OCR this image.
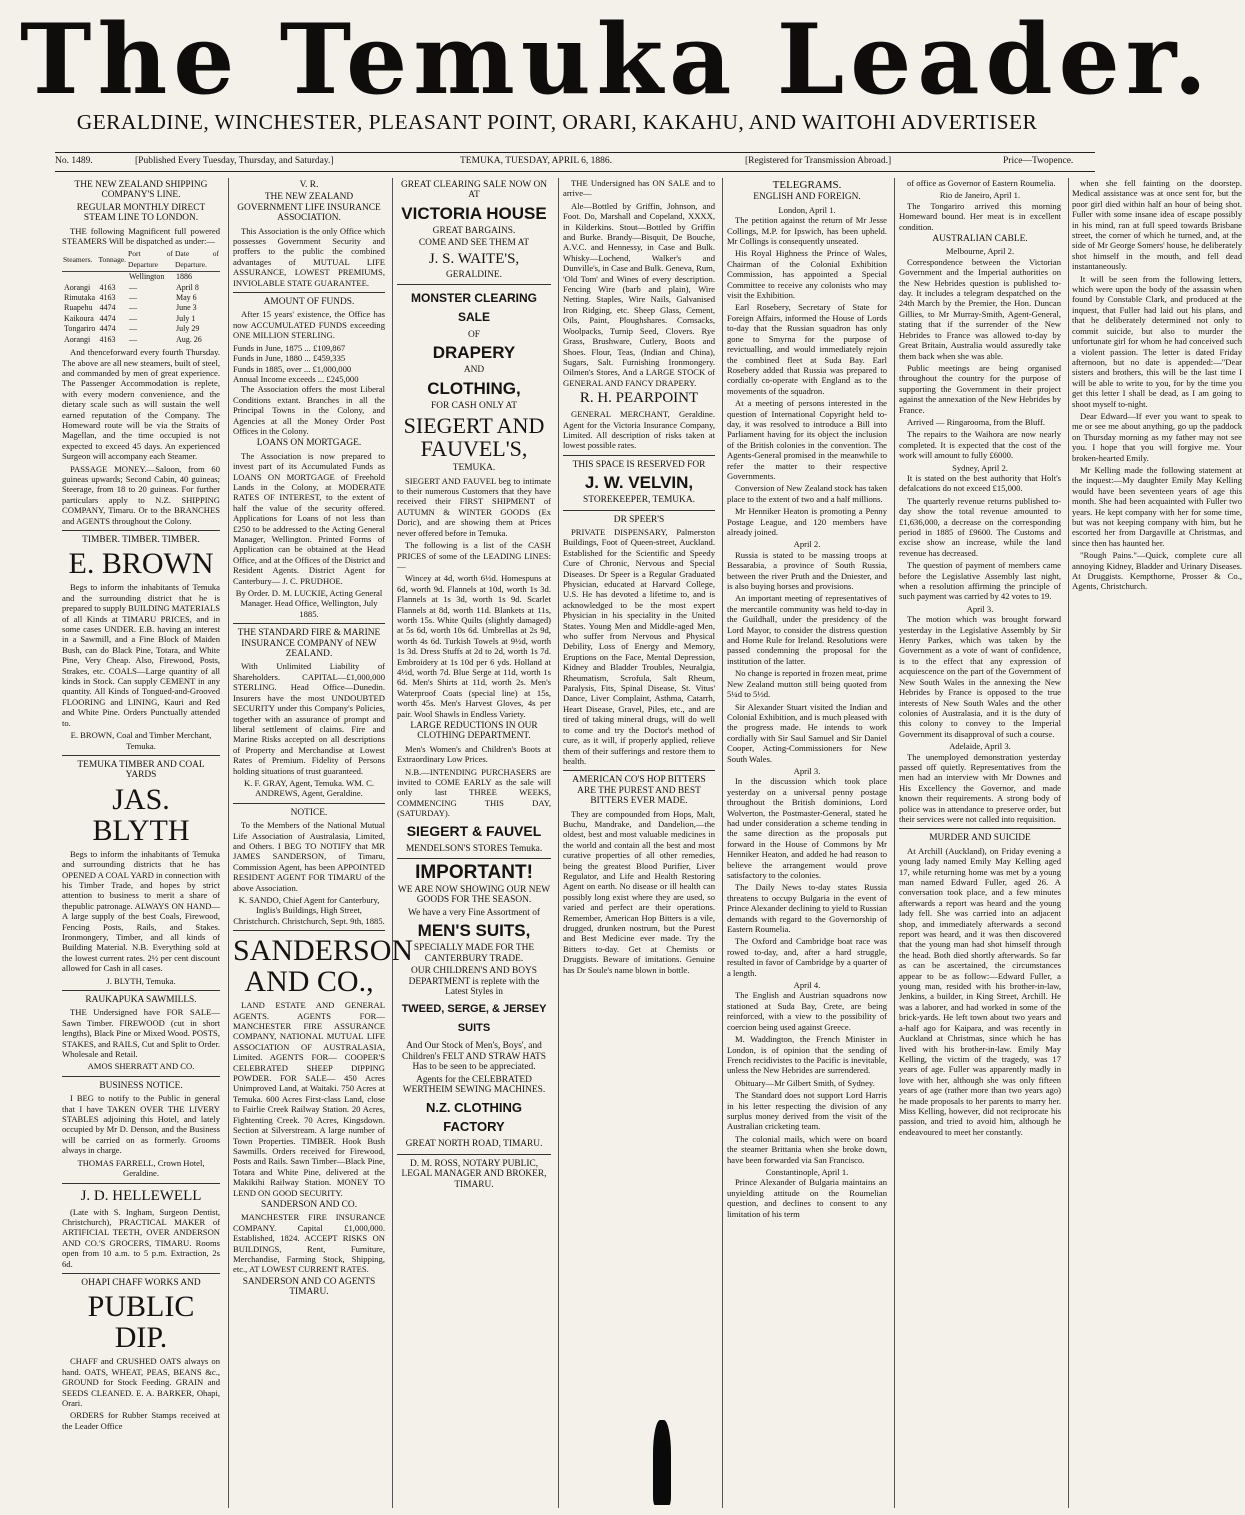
The Temuka Leader.
GERALDINE, WINCHESTER, PLEASANT POINT, ORARI, KAKAHU, AND WAITOHI ADVERTISER
No. 1489.	[Published Every Tuesday, Thursday, and Saturday.]	TEMUKA, TUESDAY, APRIL 6, 1886.	[Registered for Transmission Abroad.]	Price—Twopence.
THE NEW ZEALAND SHIPPING COMPANY'S LINE.
REGULAR MONTHLY DIRECT STEAM LINE TO LONDON.
THE following Magnificent full powered STEAMERS Will be dispatched as under:—
Steamers.	Tonnage.	Port of Departure	Date of Departure.
		Wellington	1886
Aorangi	4163	—	April 8
Rimutaka	4163	—	May 6
Ruapehu	4474	—	June 3
Kaikoura	4474	—	July 1
Tongariro	4474	—	July 29
Aorangi	4163	—	Aug. 26
And thenceforward every fourth Thursday. The above are all new steamers, built of steel, and commanded by men of great experience. The Passenger Accommodation is replete, with every modern convenience, and the dietary scale such as will sustain the well earned reputation of the Company. The Homeward route will be via the Straits of Magellan, and the time occupied is not expected to exceed 45 days. An experienced Surgeon will accompany each Steamer.
PASSAGE MONEY.—Saloon, from 60 guineas upwards; Second Cabin, 40 guineas; Steerage, from 18 to 20 guineas. For further particulars apply to N.Z. SHIPPING COMPANY, Timaru. Or to the BRANCHES and AGENTS throughout the Colony.
TIMBER. TIMBER. TIMBER.
E. BROWN
Begs to inform the inhabitants of Temuka and the surrounding district that he is prepared to supply BUILDING MATERIALS of all Kinds at TIMARU PRICES, and in some cases UNDER. E.B. having an interest in a Sawmill, and a Fine Block of Maiden Bush, can do Black Pine, Totara, and White Pine, Very Cheap. Also, Firewood, Posts, Strakes, etc. COALS—Large quantity of all kinds in Stock. Can supply CEMENT in any quantity. All Kinds of Tongued-and-Grooved FLOORING and LINING, Kauri and Red and White Pine. Orders Punctually attended to.
E. BROWN, Coal and Timber Merchant, Temuka.
TEMUKA TIMBER AND COAL YARDS
JAS. BLYTH
Begs to inform the inhabitants of Temuka and surrounding districts that he has OPENED A COAL YARD in connection with his Timber Trade, and hopes by strict attention to business to merit a share of thepublic patronage. ALWAYS ON HAND— A large supply of the best Coals, Firewood, Fencing Posts, Rails, and Stakes. Ironmongery, Timber, and all kinds of Building Material. N.B. Everything sold at the lowest current rates. 2½ per cent discount allowed for Cash in all cases.
J. BLYTH, Temuka.
RAUKAPUKA SAWMILLS.
THE Undersigned have FOR SALE— Sawn Timber. FIREWOOD (cut in short lengths), Black Pine or Mixed Wood. POSTS, STAKES, and RAILS, Cut and Split to Order. Wholesale and Retail.
AMOS SHERRATT AND CO.
BUSINESS NOTICE.
I BEG to notify to the Public in general that I have TAKEN OVER THE LIVERY STABLES adjoining this Hotel, and lately occupied by Mr D. Denson, and the Business will be carried on as formerly. Grooms always in charge.
THOMAS FARRELL, Crown Hotel, Geraldine.
J. D. HELLEWELL
(Late with S. Ingham, Surgeon Dentist, Christchurch), PRACTICAL MAKER of ARTIFICIAL TEETH, OVER ANDERSON AND CO.'S GROCERS, TIMARU. Rooms open from 10 a.m. to 5 p.m. Extraction, 2s 6d.
OHAPI CHAFF WORKS AND
PUBLIC DIP.
CHAFF and CRUSHED OATS always on hand. OATS, WHEAT, PEAS, BEANS &c., GROUND for Stock Feeding. GRAIN and SEEDS CLEANED. E. A. BARKER, Ohapi, Orari.
ORDERS for Rubber Stamps received at the Leader Office
V. R.
THE NEW ZEALAND GOVERNMENT LIFE INSURANCE ASSOCIATION.
This Association is the only Office which possesses Government Security and proffers to the public the combined advantages of MUTUAL LIFE ASSURANCE, LOWEST PREMIUMS, INVIOLABLE STATE GUARANTEE.
AMOUNT OF FUNDS.
After 15 years' existence, the Office has now ACCUMULATED FUNDS exceeding ONE MILLION STERLING.
Funds in June, 1875 ... £109,867
Funds in June, 1880 ... £459,335
Funds in 1885, over ... £1,000,000
Annual Income exceeds ... £245,000
The Association offers the most Liberal Conditions extant. Branches in all the Principal Towns in the Colony, and Agencies at all the Money Order Post Offices in the Colony.
LOANS ON MORTGAGE.
The Association is now prepared to invest part of its Accumulated Funds as LOANS ON MORTGAGE of Freehold Lands in the Colony, at MODERATE RATES OF INTEREST, to the extent of half the value of the security offered. Applications for Loans of not less than £250 to be addressed to the Acting General Manager, Wellington. Printed Forms of Application can be obtained at the Head Office, and at the Offices of the District and Resident Agents. District Agent for Canterbury— J. C. PRUDHOE.
By Order. D. M. LUCKIE, Acting General Manager. Head Office, Wellington, July 1885.
THE STANDARD FIRE & MARINE INSURANCE COMPANY of NEW ZEALAND.
With Unlimited Liability of Shareholders. CAPITAL—£1,000,000 STERLING. Head Office—Dunedin. Insurers have the most UNDOUBTED SECURITY under this Company's Policies, together with an assurance of prompt and liberal settlement of claims. Fire and Marine Risks accepted on all descriptions of Property and Merchandise at Lowest Rates of Premium. Fidelity of Persons holding situations of trust guaranteed.
K. F. GRAY, Agent, Temuka. WM. C. ANDREWS, Agent, Geraldine.
NOTICE.
To the Members of the National Mutual Life Association of Australasia, Limited, and Others. I BEG TO NOTIFY that MR JAMES SANDERSON, of Timaru, Commission Agent, has been APPOINTED RESIDENT AGENT FOR TIMARU of the above Association.
K. SANDO, Chief Agent for Canterbury, Inglis's Buildings, High Street, Christchurch. Christchurch, Sept. 9th, 1885.
SANDERSON AND CO.,
LAND ESTATE AND GENERAL AGENTS. AGENTS FOR— MANCHESTER FIRE ASSURANCE COMPANY, NATIONAL MUTUAL LIFE ASSOCIATION OF AUSTRALASIA, Limited. AGENTS FOR— COOPER'S CELEBRATED SHEEP DIPPING POWDER. FOR SALE— 450 Acres Unimproved Land, at Waitaki. 750 Acres at Temuka. 600 Acres First-class Land, close to Fairlie Creek Railway Station. 20 Acres, Fightenting Creek. 70 Acres, Kingsdown. Section at Silverstream. A large number of Town Properties. TIMBER. Hook Bush Sawmills. Orders received for Firewood, Posts and Rails. Sawn Timber—Black Pine, Totara and White Pine, delivered at the Makikihi Railway Station. MONEY TO LEND ON GOOD SECURITY.
SANDERSON AND CO.
MANCHESTER FIRE INSURANCE COMPANY. Capital £1,000,000. Established, 1824. ACCEPT RISKS ON BUILDINGS, Rent, Furniture, Merchandise, Farming Stock, Shipping, etc., AT LOWEST CURRENT RATES.
SANDERSON AND CO AGENTS TIMARU.
GREAT CLEARING SALE NOW ON AT
VICTORIA HOUSE
GREAT BARGAINS.
COME AND SEE THEM AT
J. S. WAITE'S,
GERALDINE.
MONSTER CLEARING SALE
OF
DRAPERY
AND
CLOTHING,
FOR CASH ONLY AT
SIEGERT AND FAUVEL'S,
TEMUKA.
SIEGERT AND FAUVEL beg to intimate to their numerous Customers that they have received their FIRST SHIPMENT of AUTUMN & WINTER GOODS (Ex Doric), and are showing them at Prices never offered before in Temuka.
The following is a list of the CASH PRICES of some of the LEADING LINES:—
Wincey at 4d, worth 6½d. Homespuns at 6d, worth 9d. Flannels at 10d, worth 1s 3d. Flannels at 1s 3d, worth 1s 9d. Scarlet Flannels at 8d, worth 11d. Blankets at 11s, worth 15s. White Quilts (slightly damaged) at 5s 6d, worth 10s 6d. Umbrellas at 2s 9d, worth 4s 6d. Turkish Towels at 9½d, worth 1s 3d. Dress Stuffs at 2d to 2d, worth 1s 7d. Embroidery at 1s 10d per 6 yds. Holland at 4½d, worth 7d. Blue Serge at 11d, worth 1s 6d. Men's Shirts at 11d, worth 2s. Men's Waterproof Coats (special line) at 15s, worth 45s. Men's Harvest Gloves, 4s per pair. Wool Shawls in Endless Variety.
LARGE REDUCTIONS IN OUR CLOTHING DEPARTMENT.
Men's Women's and Children's Boots at Extraordinary Low Prices.
N.B.—INTENDING PURCHASERS are invited to COME EARLY as the sale will only last THREE WEEKS, COMMENCING THIS DAY, (SATURDAY).
SIEGERT & FAUVEL
MENDELSON'S STORES Temuka.
IMPORTANT!
WE ARE NOW SHOWING OUR NEW GOODS FOR THE SEASON.
We have a very Fine Assortment of
MEN'S SUITS,
SPECIALLY MADE FOR THE CANTERBURY TRADE.
OUR CHILDREN'S AND BOYS DEPARTMENT is replete with the Latest Styles in
TWEED, SERGE, & JERSEY SUITS
And Our Stock of Men's, Boys', and Children's FELT AND STRAW HATS Has to be seen to be appreciated.
Agents for the CELEBRATED WERTHEIM SEWING MACHINES.
N.Z. CLOTHING FACTORY
GREAT NORTH ROAD, TIMARU.
D. M. ROSS, NOTARY PUBLIC, LEGAL MANAGER AND BROKER, TIMARU.
THE Undersigned has ON SALE and to arrive—
Ale—Bottled by Griffin, Johnson, and Foot. Do, Marshall and Copeland, XXXX, in Kilderkins. Stout—Bottled by Griffin and Burke. Brandy—Bisquit, De Bouche, A.V.C. and Hennessy, in Case and Bulk. Whisky—Lochend, Walker's and Dunville's, in Case and Bulk. Geneva, Rum, 'Old Tom' and Wines of every description. Fencing Wire (barb and plain), Wire Netting. Staples, Wire Nails, Galvanised Iron Ridging, etc. Sheep Glass, Cement, Oils, Paint, Ploughshares. Cornsacks, Woolpacks, Turnip Seed, Clovers. Rye Grass, Brushware, Cutlery, Boots and Shoes. Flour, Teas, (Indian and China), Sugars, Salt. Furnishing Ironmongery. Oilmen's Stores, And a LARGE STOCK of GENERAL AND FANCY DRAPERY.
R. H. PEARPOINT
GENERAL MERCHANT, Geraldine. Agent for the Victoria Insurance Company, Limited. All description of risks taken at lowest possible rates.
THIS SPACE IS RESERVED FOR
J. W. VELVIN,
STOREKEEPER, TEMUKA.
DR SPEER'S
PRIVATE DISPENSARY, Palmerston Buildings, Foot of Queen-street, Auckland. Established for the Scientific and Speedy Cure of Chronic, Nervous and Special Diseases. Dr Speer is a Regular Graduated Physician, educated at Harvard College, U.S. He has devoted a lifetime to, and is acknowledged to be the most expert Physician in his speciality in the United States. Young Men and Middle-aged Men, who suffer from Nervous and Physical Debility, Loss of Energy and Memory, Eruptions on the Face, Mental Depression, Kidney and Bladder Troubles, Neuralgia, Rheumatism, Scrofula, Salt Rheum, Paralysis, Fits, Spinal Disease, St. Vitus' Dance, Liver Complaint, Asthma, Catarrh, Heart Disease, Gravel, Piles, etc., and are tired of taking mineral drugs, will do well to come and try the Doctor's method of cure, as it will, if properly applied, relieve them of their sufferings and restore them to health.
AMERICAN CO'S HOP BITTERS ARE THE PUREST AND BEST BITTERS EVER MADE.
They are compounded from Hops, Malt, Buchu, Mandrake, and Dandelion,—the oldest, best and most valuable medicines in the world and contain all the best and most curative properties of all other remedies, being the greatest Blood Purifier, Liver Regulator, and Life and Health Restoring Agent on earth. No disease or ill health can possibly long exist where they are used, so varied and perfect are their operations. Remember, American Hop Bitters is a vile, drugged, drunken nostrum, but the Purest and Best Medicine ever made. Try the Bitters to-day. Get at Chemists or Druggists. Beware of imitations. Genuine has Dr Soule's name blown in bottle.
TELEGRAMS.
ENGLISH AND FOREIGN.
London, April 1.
The petition against the return of Mr Jesse Collings, M.P. for Ipswich, has been upheld. Mr Collings is consequently unseated.
His Royal Highness the Prince of Wales, Chairman of the Colonial Exhibition Commission, has appointed a Special Committee to receive any colonists who may visit the Exhibition.
Earl Rosebery, Secretary of State for Foreign Affairs, informed the House of Lords to-day that the Russian squadron has only gone to Smyrna for the purpose of revictualling, and would immediately rejoin the combined fleet at Suda Bay. Earl Rosebery added that Russia was prepared to cordially co-operate with England as to the movements of the squadron.
At a meeting of persons interested in the question of International Copyright held to-day, it was resolved to introduce a Bill into Parliament having for its object the inclusion of the British colonies in the convention. The Agents-General promised in the meanwhile to refer the matter to their respective Governments.
Conversion of New Zealand stock has taken place to the extent of two and a half millions.
Mr Henniker Heaton is promoting a Penny Postage League, and 120 members have already joined.
April 2.
Russia is stated to be massing troops at Bessarabia, a province of South Russia, between the river Pruth and the Dniester, and is also buying horses and provisions.
An important meeting of representatives of the mercantile community was held to-day in the Guildhall, under the presidency of the Lord Mayor, to consider the distress question and Home Rule for Ireland. Resolutions were passed condemning the proposal for the institution of the latter.
No change is reported in frozen meat, prime New Zealand mutton still being quoted from 5¼d to 5½d.
Sir Alexander Stuart visited the Indian and Colonial Exhibition, and is much pleased with the progress made. He intends to work cordially with Sir Saul Samuel and Sir Daniel Cooper, Acting-Commissioners for New South Wales.
April 3.
In the discussion which took place yesterday on a universal penny postage throughout the British dominions, Lord Wolverton, the Postmaster-General, stated he had under consideration a scheme tending in the same direction as the proposals put forward in the House of Commons by Mr Henniker Heaton, and added he had reason to believe the arrangement would prove satisfactory to the colonies.
The Daily News to-day states Russia threatens to occupy Bulgaria in the event of Prince Alexander declining to yield to Russian demands with regard to the Governorship of Eastern Roumelia.
The Oxford and Cambridge boat race was rowed to-day, and, after a hard struggle, resulted in favor of Cambridge by a quarter of a length.
April 4.
The English and Austrian squadrons now stationed at Suda Bay, Crete, are being reinforced, with a view to the possibility of coercion being used against Greece.
M. Waddington, the French Minister in London, is of opinion that the sending of French recidivistes to the Pacific is inevitable, unless the New Hebrides are surrendered.
Obituary—Mr Gilbert Smith, of Sydney.
The Standard does not support Lord Harris in his letter respecting the division of any surplus money derived from the visit of the Australian cricketing team.
The colonial mails, which were on board the steamer Brittania when she broke down, have been forwarded via San Francisco.
Constantinople, April 1.
Prince Alexander of Bulgaria maintains an unyielding attitude on the Roumelian question, and declines to consent to any limitation of his term
of office as Governor of Eastern Roumelia.
Rio de Janeiro, April 1.
The Tongariro arrived this morning Homeward bound. Her meat is in excellent condition.
AUSTRALIAN CABLE.
Melbourne, April 2.
Correspondence between the Victorian Government and the Imperial authorities on the New Hebrides question is published to-day. It includes a telegram despatched on the 24th March by the Premier, the Hon. Duncan Gillies, to Mr Murray-Smith, Agent-General, stating that if the surrender of the New Hebrides to France was allowed to-day by Great Britain, Australia would assuredly take them back when she was able.
Public meetings are being organised throughout the country for the purpose of supporting the Government in their project against the annexation of the New Hebrides by France.
Arrived — Ringarooma, from the Bluff.
The repairs to the Waihora are now nearly completed. It is expected that the cost of the work will amount to fully £6000.
Sydney, April 2.
It is stated on the best authority that Holt's defalcations do not exceed £15,000.
The quarterly revenue returns published to-day show the total revenue amounted to £1,636,000, a decrease on the corresponding period in 1885 of £9600. The Customs and excise show an increase, while the land revenue has decreased.
The question of payment of members came before the Legislative Assembly last night, when a resolution affirming the principle of such payment was carried by 42 votes to 19.
April 3.
The motion which was brought forward yesterday in the Legislative Assembly by Sir Henry Parkes, which was taken by the Government as a vote of want of confidence, is to the effect that any expression of acquiescence on the part of the Government of New South Wales in the annexing the New Hebrides by France is opposed to the true interests of New South Wales and the other colonies of Australasia, and it is the duty of this colony to convey to the Imperial Government its disapproval of such a course.
Adelaide, April 3.
The unemployed demonstration yesterday passed off quietly. Representatives from the men had an interview with Mr Downes and His Excellency the Governor, and made known their requirements. A strong body of police was in attendance to preserve order, but their services were not called into requisition.
MURDER AND SUICIDE
At Archill (Auckland), on Friday evening a young lady named Emily May Kelling aged 17, while returning home was met by a young man named Edward Fuller, aged 26. A conversation took place, and a few minutes afterwards a report was heard and the young lady fell. She was carried into an adjacent shop, and immediately afterwards a second report was heard, and it was then discovered that the young man had shot himself through the head. Both died shortly afterwards. So far as can be ascertained, the circumstances appear to be as follow:—Edward Fuller, a young man, resided with his brother-in-law, Jenkins, a builder, in King Street, Archill. He was a laborer, and had worked in some of the brick-yards. He left town about two years and a-half ago for Kaipara, and was recently in Auckland at Christmas, since which he has lived with his brother-in-law. Emily May Kelling, the victim of the tragedy, was 17 years of age. Fuller was apparently madly in love with her, although she was only fifteen years of age (rather more than two years ago) he made proposals to her parents to marry her. Miss Kelling, however, did not reciprocate his passion, and tried to avoid him, although he endeavoured to meet her constantly.
when she fell fainting on the doorstep. Medical assistance was at once sent for, but the poor girl died within half an hour of being shot. Fuller with some insane idea of escape possibly in his mind, ran at full speed towards Brisbane street, the corner of which he turned, and, at the side of Mr George Somers' house, he deliberately shot himself in the mouth, and fell dead instantaneously.
It will be seen from the following letters, which were upon the body of the assassin when found by Constable Clark, and produced at the inquest, that Fuller had laid out his plans, and that he deliberately determined not only to commit suicide, but also to murder the unfortunate girl for whom he had conceived such a violent passion. The letter is dated Friday afternoon, but no date is appended:—"Dear sisters and brothers, this will be the last time I will be able to write to you, for by the time you get this letter I shall be dead, as I am going to shoot myself to-night.
Dear Edward—If ever you want to speak to me or see me about anything, go up the paddock on Thursday morning as my father may not see you. I hope that you will forgive me. Your broken-hearted Emily.
Mr Kelling made the following statement at the inquest:—My daughter Emily May Kelling would have been seventeen years of age this month. She had been acquainted with Fuller two years. He kept company with her for some time, but was not keeping company with him, but he escorted her from Dargaville at Christmas, and since then has haunted her.
"Rough Pains."—Quick, complete cure all annoying Kidney, Bladder and Urinary Diseases. At Druggists. Kempthorne, Prosser & Co., Agents, Christchurch.
